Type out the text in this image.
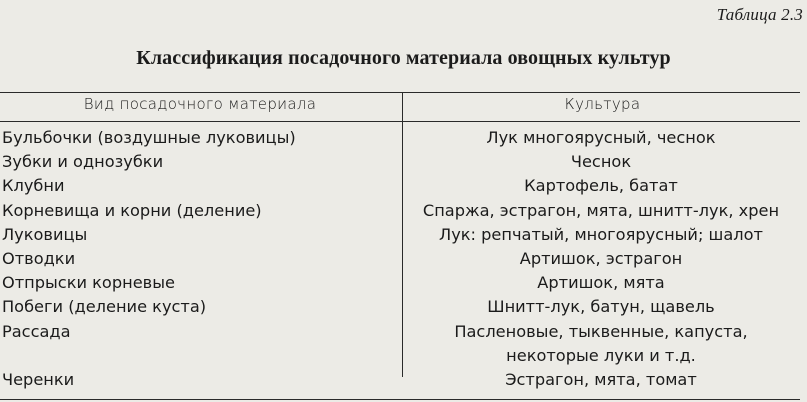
Таблица 2.3
Классификация посадочного материала овощных культур
Вид посадочного материала	Культура
Бульбочки (воздушные луковицы)	Лук многоярусный, чеснок
Зубки и однозубки	Чеснок
Клубни	Картофель, батат
Корневища и корни (деление)	Спаржа, эстрагон, мята, шнитт-лук, хрен
Луковицы	Лук: репчатый, многоярусный; шалот
Отводки	Артишок, эстрагон
Отпрыски корневые	Артишок, мята
Побеги (деление куста)	Шнитт-лук, батун, щавель
Рассада	Пасленовые, тыквенные, капуста,
некоторые луки и т.д.
Черенки	Эстрагон, мята, томат
